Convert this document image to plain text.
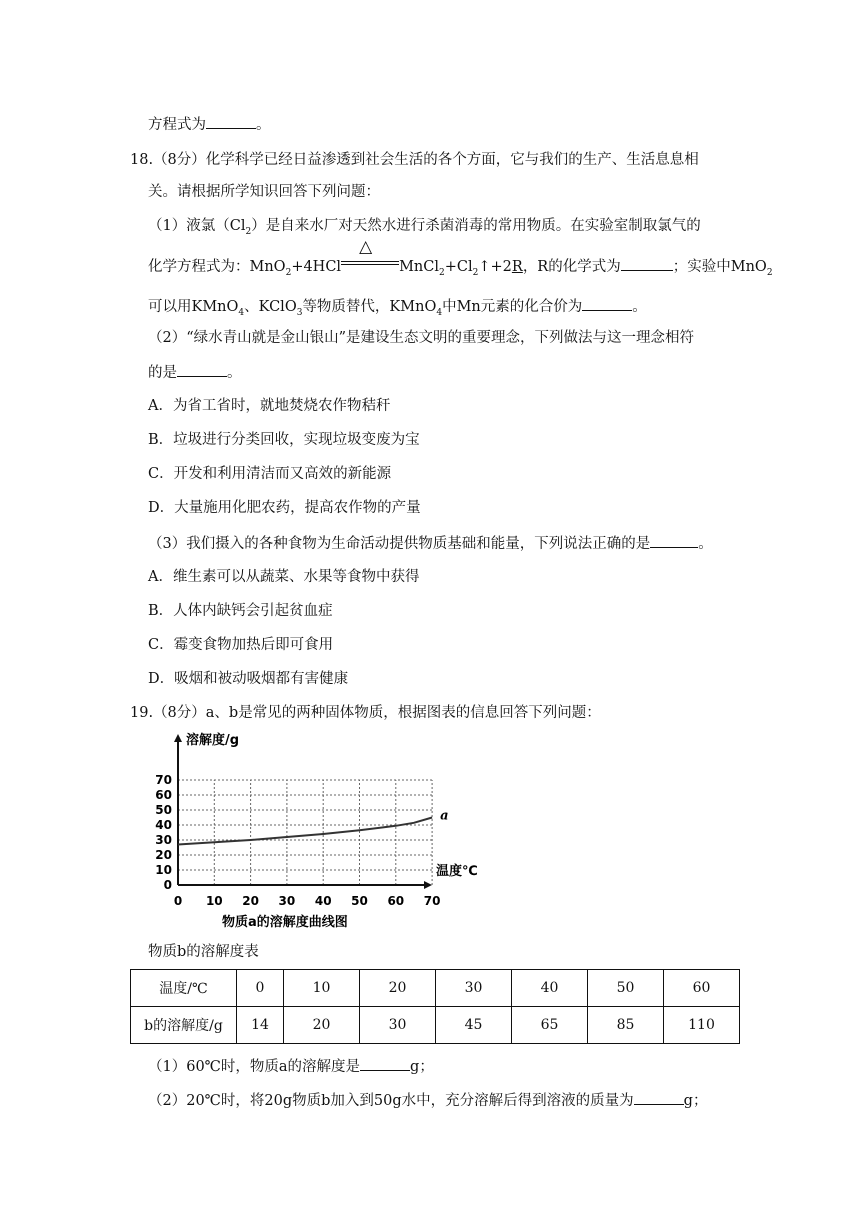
方程式为	。
18.（8分）化学科学已经日益渗透到社会生活的各个方面，它与我们的生产、生活息息相
关。请根据所学知识回答下列问题：
（1）液氯$(Cl_2)$是自来水厂对天然水进行杀菌消毒的常用物质。在实验室制取氯气的
化学方程式为：MnO$_2$+4HCl
△
$MnCl_2+Cl_2↑+2R$，R的化学式为	；实验中MnO$_2$
可以用KMnO$_4$、KClO$_3$等物质替代，KMnO$_4$中Mn元素的化合价为	。
（2）“绿水青山就是金山银山”是建设生态文明的重要理念，下列做法与这一理念相符
的是	。
A．为省工省时，就地焚烧农作物秸秆
B．垃圾进行分类回收，实现垃圾变废为宝
C．开发和利用清洁而又高效的新能源
D．大量施用化肥农药，提高农作物的产量
（3）我们摄入的各种食物为生命活动提供物质基础和能量，下列说法正确的是	。
A．维生素可以从蔬菜、水果等食物中获得
B．人体内缺钙会引起贫血症
C．霉变食物加热后即可食用
D．吸烟和被动吸烟都有害健康
19.（8分）a、b是常见的两种固体物质，根据图表的信息回答下列问题：
0
10
20
30
40
50
60
70
0 10 20 30 40 50 60 70
a
溶解度/g
温度℃
物质a的溶解度曲线图
物质b的溶解度表
温度/℃	0	10	20	30	40	50	60
b的溶解度/g	14	20	30	45	65	85	110
（1）60℃时，物质a的溶解度是	g；
（2）20℃时，将20g物质b加入到50g水中，充分溶解后得到溶液的质量为	g；
